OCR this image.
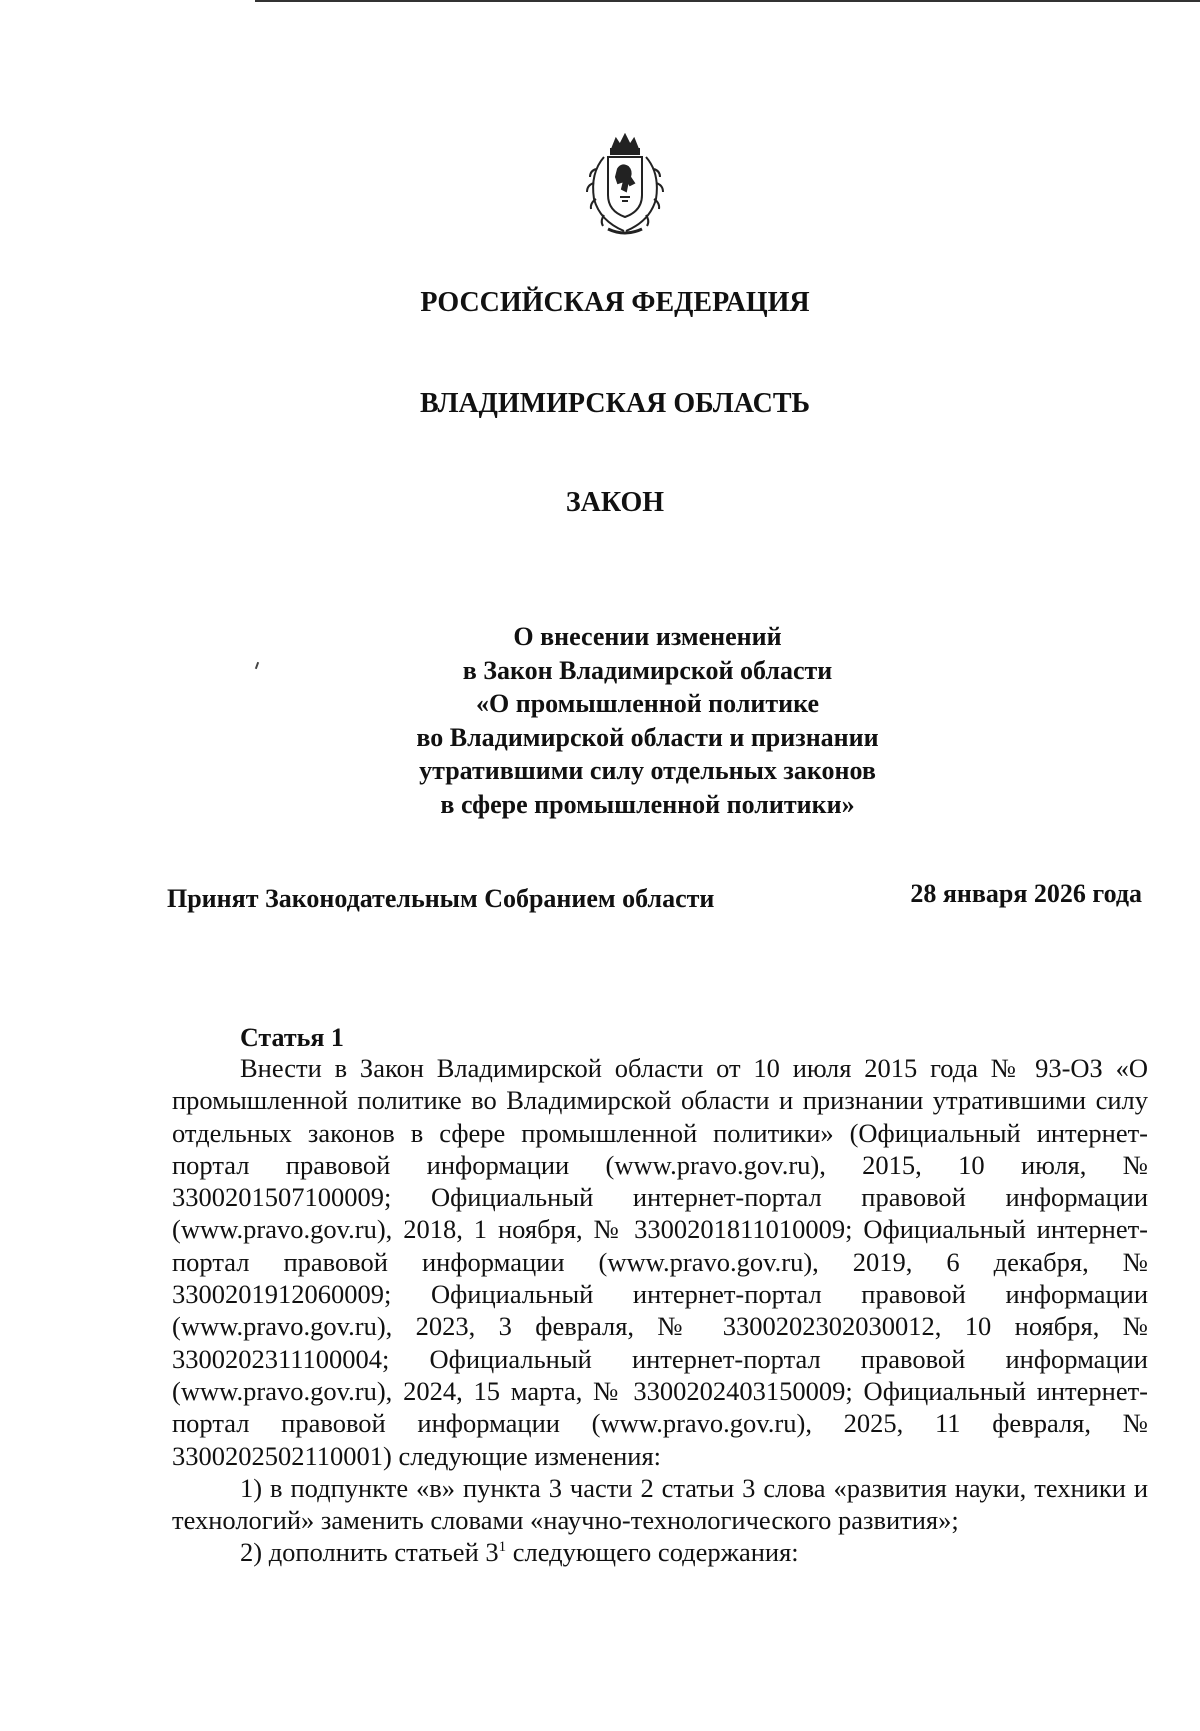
РОССИЙСКАЯ ФЕДЕРАЦИЯ
ВЛАДИМИРСКАЯ ОБЛАСТЬ
ЗАКОН
О внесении изменений
в Закон Владимирской области
«О промышленной политике
во Владимирской области и признании
утратившими силу отдельных законов
в сфере промышленной политики»
Принят Законодательным Собранием области	28 января 2026 года
Статья 1

Внести в Закон Владимирской области от 10 июля 2015 года № 93-ОЗ «О промышленной политике во Владимирской области и признании утратившими силу отдельных законов в сфере промышленной политики» (Официальный интернет-портал правовой информации (www.pravo.gov.ru), 2015, 10 июля, № 3300201507100009; Официальный интернет-портал правовой информации (www.pravo.gov.ru), 2018, 1 ноября, № 3300201811010009; Официальный интернет-портал правовой информации (www.pravo.gov.ru), 2019, 6 декабря, № 3300201912060009; Официальный интернет-портал правовой информации (www.pravo.gov.ru), 2023, 3 февраля, № 3300202302030012, 10 ноября, № 3300202311100004; Официальный интернет-портал правовой информации (www.pravo.gov.ru), 2024, 15 марта, № 3300202403150009; Официальный интернет-портал правовой информации (www.pravo.gov.ru), 2025, 11 февраля, № 3300202502110001) следующие изменения:

1) в подпункте «в» пункта 3 части 2 статьи 3 слова «развития науки, техники и технологий» заменить словами «научно-технологического развития»;

2) дополнить статьей $3^1$ следующего содержания:
